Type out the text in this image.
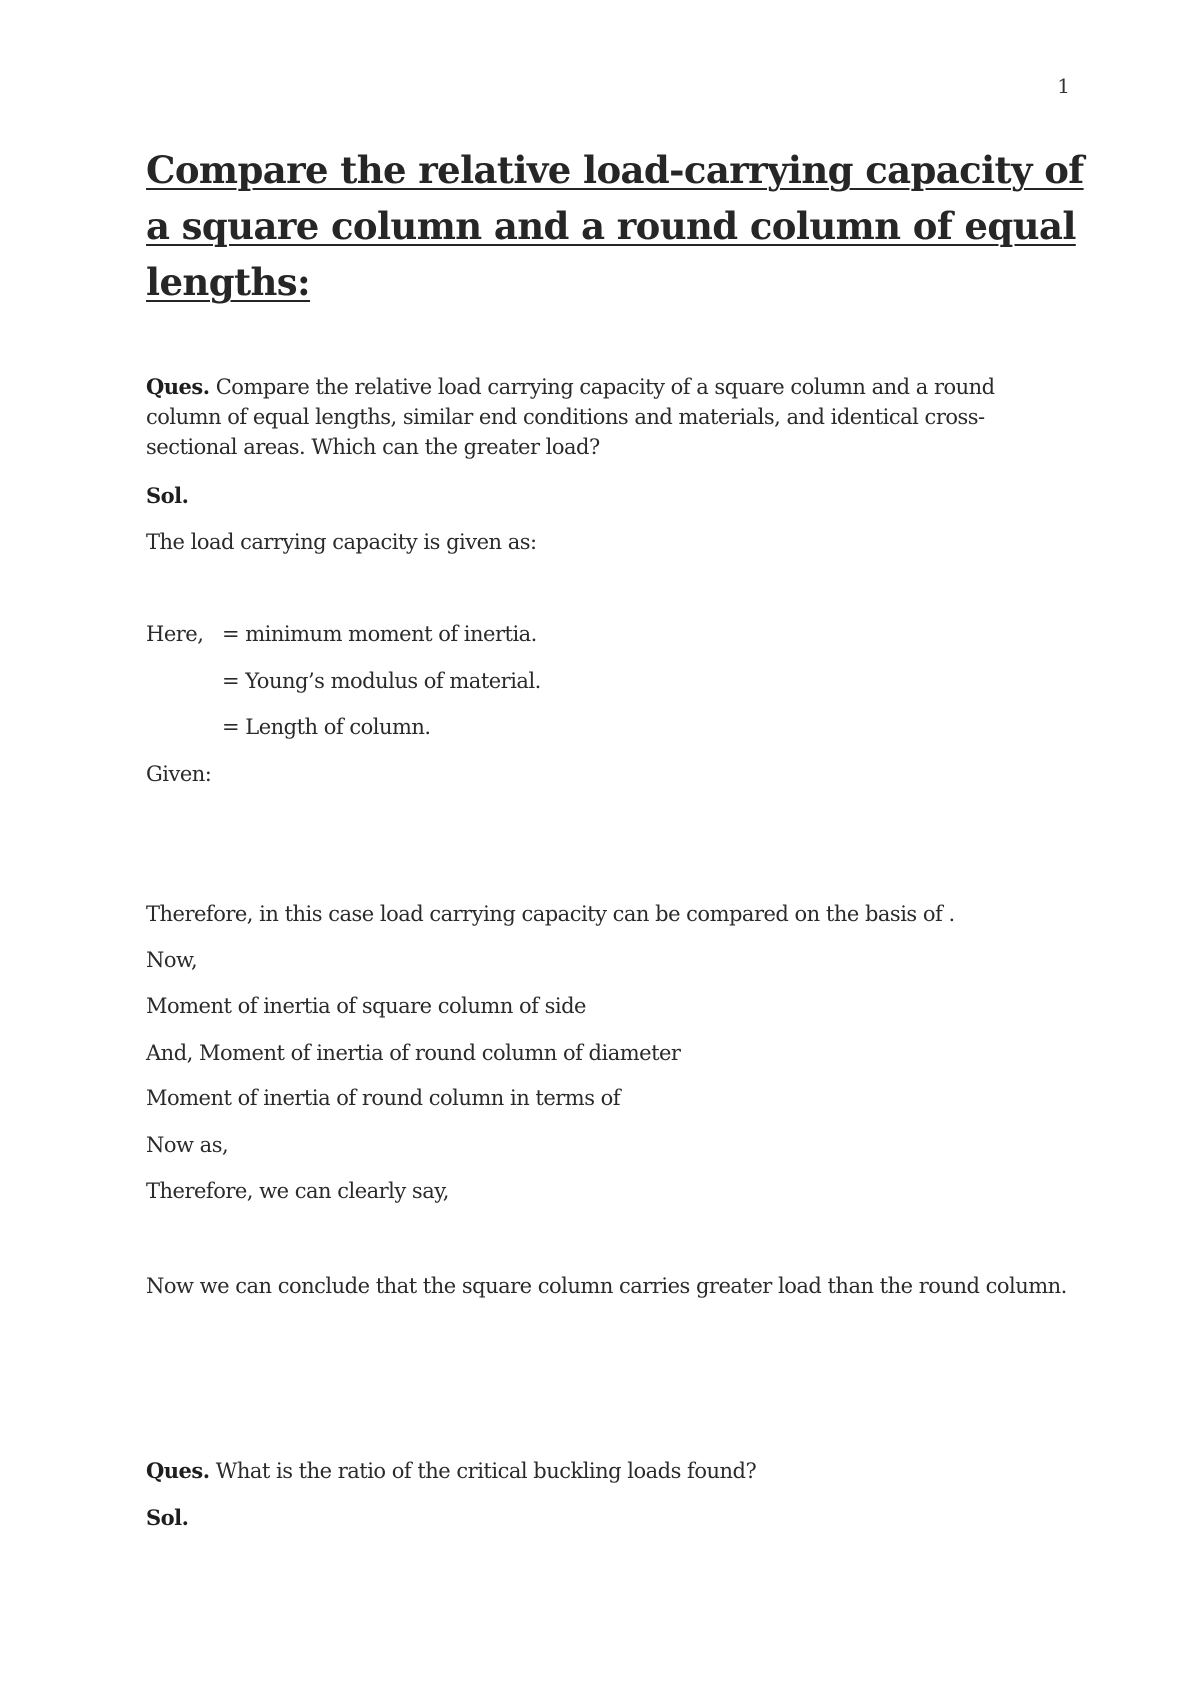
1
Compare the relative load-carrying capacity of a square column and a round column of equal lengths:
Ques. Compare the relative load carrying capacity of a square column and a round column of equal lengths, similar end conditions and materials, and identical cross-sectional areas. Which can the greater load?
Sol.
The load carrying capacity is given as:
Here, = minimum moment of inertia.
= Young’s modulus of material.
= Length of column.
Given:
Therefore, in this case load carrying capacity can be compared on the basis of .
Now,
Moment of inertia of square column of side
And, Moment of inertia of round column of diameter
Moment of inertia of round column in terms of
Now as,
Therefore, we can clearly say,
Now we can conclude that the square column carries greater load than the round column.
Ques. What is the ratio of the critical buckling loads found?
Sol.
